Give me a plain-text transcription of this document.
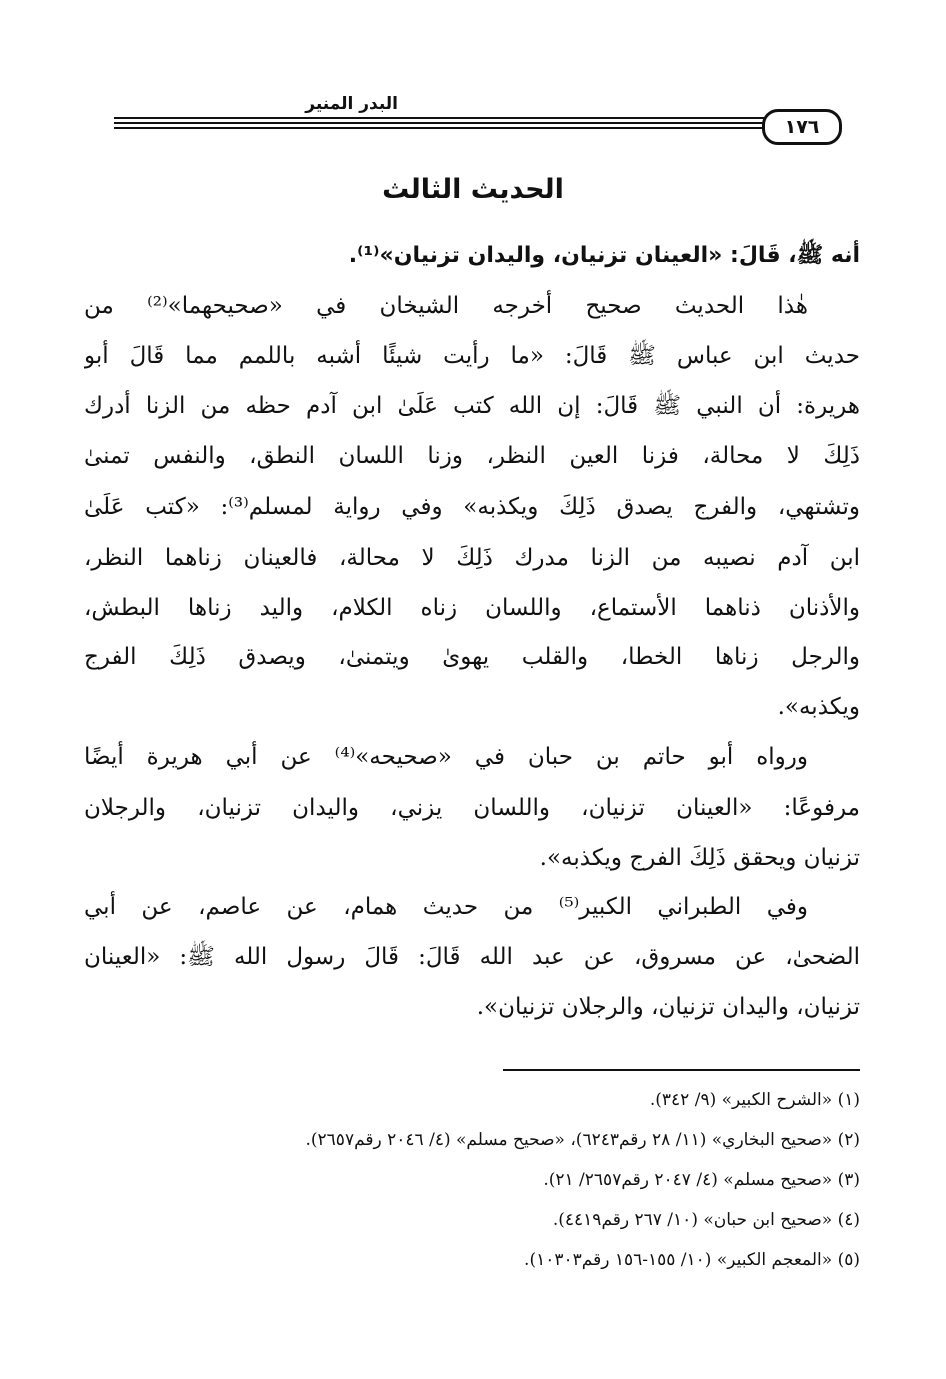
البدر المنير
١٧٦
الحديث الثالث
أنه ﷺ، قَالَ: «العينان تزنيان، واليدان تزنيان»⁽¹⁾.
هٰذا الحديث صحيح أخرجه الشيخان في «صحيحهما»⁽²⁾ من
حديث ابن عباس ﷺ قَالَ: «ما رأيت شيئًا أشبه باللمم مما قَالَ أبو
هريرة: أن النبي ﷺ قَالَ: إن الله كتب عَلَىٰ ابن آدم حظه من الزنا أدرك
ذَلِكَ لا محالة، فزنا العين النظر، وزنا اللسان النطق، والنفس تمنىٰ
وتشتهي، والفرج يصدق ذَلِكَ ويكذبه» وفي رواية لمسلم⁽³⁾: «كتب عَلَىٰ
ابن آدم نصيبه من الزنا مدرك ذَلِكَ لا محالة، فالعينان زناهما النظر،
والأذنان ذناهما الأستماع، واللسان زناه الكلام، واليد زناها البطش،
والرجل زناها الخطا، والقلب يهوىٰ ويتمنىٰ، ويصدق ذَلِكَ الفرج
ويكذبه».
ورواه أبو حاتم بن حبان في «صحيحه»⁽⁴⁾ عن أبي هريرة أيضًا
مرفوعًا: «العينان تزنيان، واللسان يزني، واليدان تزنيان، والرجلان
تزنيان ويحقق ذَلِكَ الفرج ويكذبه».
وفي الطبراني الكبير⁽⁵⁾ من حديث همام، عن عاصم، عن أبي
الضحىٰ، عن مسروق، عن عبد الله قَالَ: قَالَ رسول الله ﷺ: «العينان
تزنيان، واليدان تزنيان، والرجلان تزنيان».
(١) «الشرح الكبير» (٩/ ٣٤٢).
(٢) «صحيح البخاري» (١١/ ٢٨ رقم٦٢٤٣)، «صحيح مسلم» (٤/ ٢٠٤٦ رقم٢٦٥٧).
(٣) «صحيح مسلم» (٤/ ٢٠٤٧ رقم٢٦٥٧/ ٢١).
(٤) «صحيح ابن حبان» (١٠/ ٢٦٧ رقم٤٤١٩).
(٥) «المعجم الكبير» (١٠/ ١٥٥-١٥٦ رقم١٠٣٠٣).
